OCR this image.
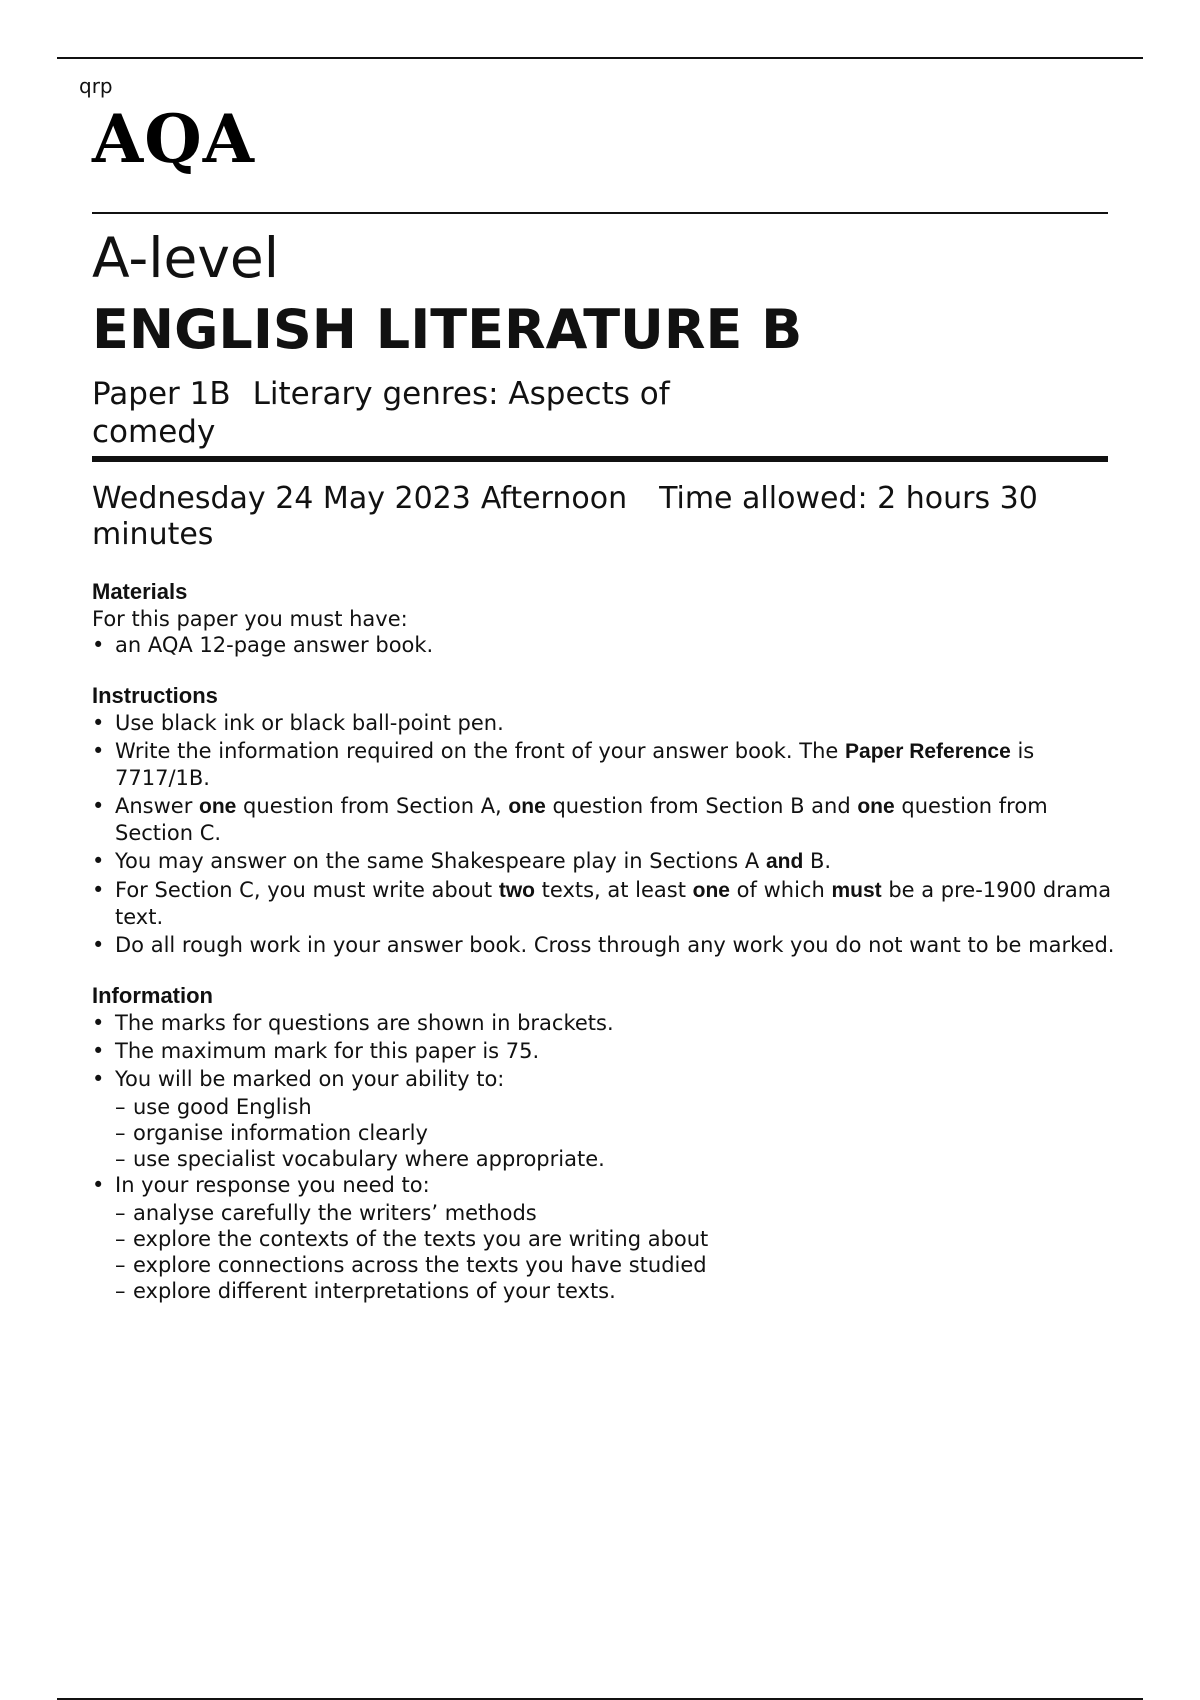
qrp
AQA
A-level
ENGLISH LITERATURE B
Paper 1B Literary genres: Aspects of comedy
Wednesday 24 May 2023 Afternoon Time allowed: 2 hours 30 minutes
Materials
For this paper you must have:
• an AQA 12-page answer book.
Instructions
• Use black ink or black ball-point pen.
• Write the information required on the front of your answer book. The Paper Reference is 7717/1B.
• Answer one question from Section A, one question from Section B and one question from Section C.
• You may answer on the same Shakespeare play in Sections A and B.
• For Section C, you must write about two texts, at least one of which must be a pre-1900 drama text.
• Do all rough work in your answer book. Cross through any work you do not want to be marked.
Information
• The marks for questions are shown in brackets.
• The maximum mark for this paper is 75.
• You will be marked on your ability to:
– use good English
– organise information clearly
– use specialist vocabulary where appropriate.
• In your response you need to:
– analyse carefully the writers’ methods
– explore the contexts of the texts you are writing about
– explore connections across the texts you have studied
– explore different interpretations of your texts.
